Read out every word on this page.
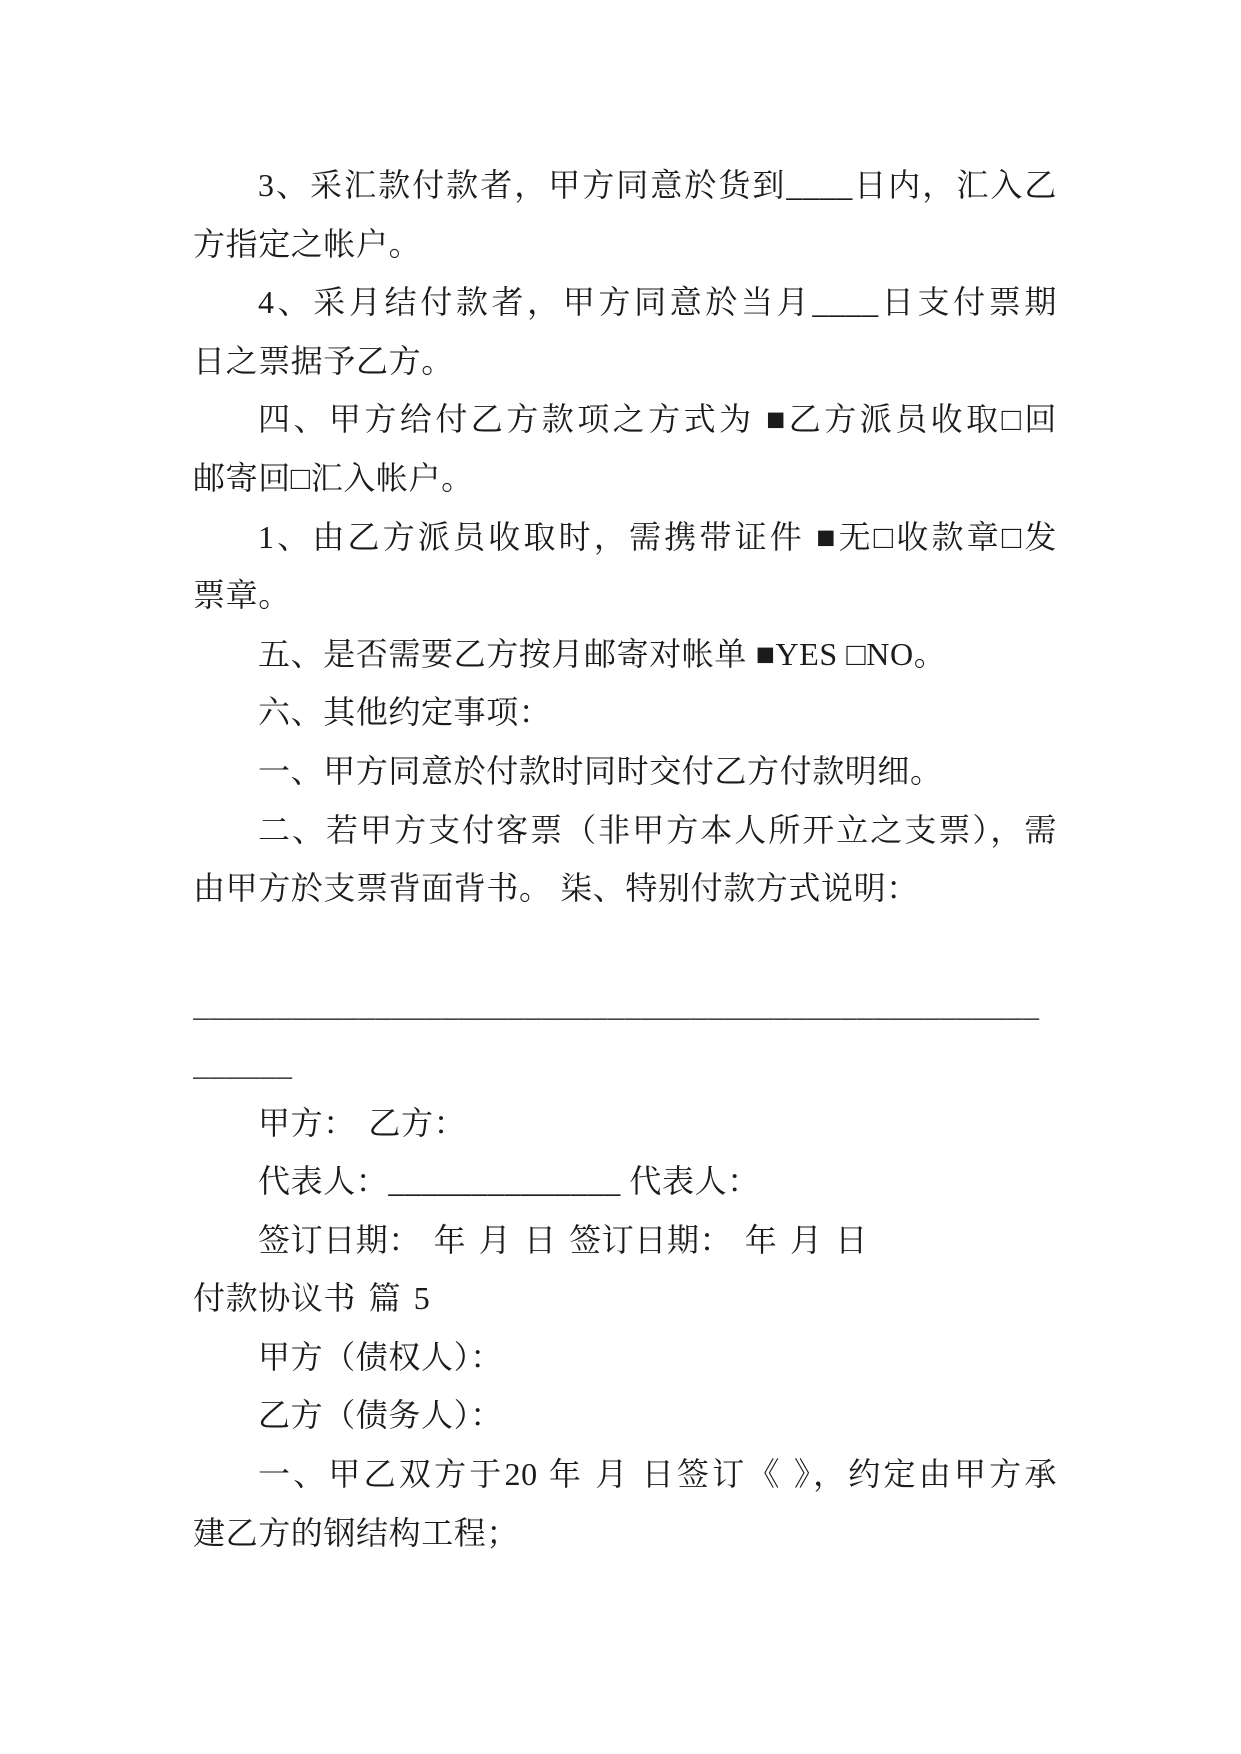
3、采汇款付款者，甲方同意於货到____日内，汇入乙
方指定之帐户。
4、采月结付款者，甲方同意於当月____日支付票期
日之票据予乙方。
四、甲方给付乙方款项之方式为 ■乙方派员收取□回
邮寄回□汇入帐户。
1、由乙方派员收取时，需携带证件 ■无□收款章□发
票章。
五、是否需要乙方按月邮寄对帐单 ■YES □NO。
六、其他约定事项：
一、甲方同意於付款时同时交付乙方付款明细。
二、若甲方支付客票（非甲方本人所开立之支票），需
由甲方於支票背面背书。 柒、特别付款方式说明：
___________________________________________________
______
甲方： 乙方：
代表人：______________ 代表人：
签订日期： 年 月 日 签订日期： 年 月 日
付款协议书 篇 5
甲方（债权人）：
乙方（债务人）：
一、甲乙双方于20 年 月 日签订《 》，约定由甲方承
建乙方的钢结构工程；
